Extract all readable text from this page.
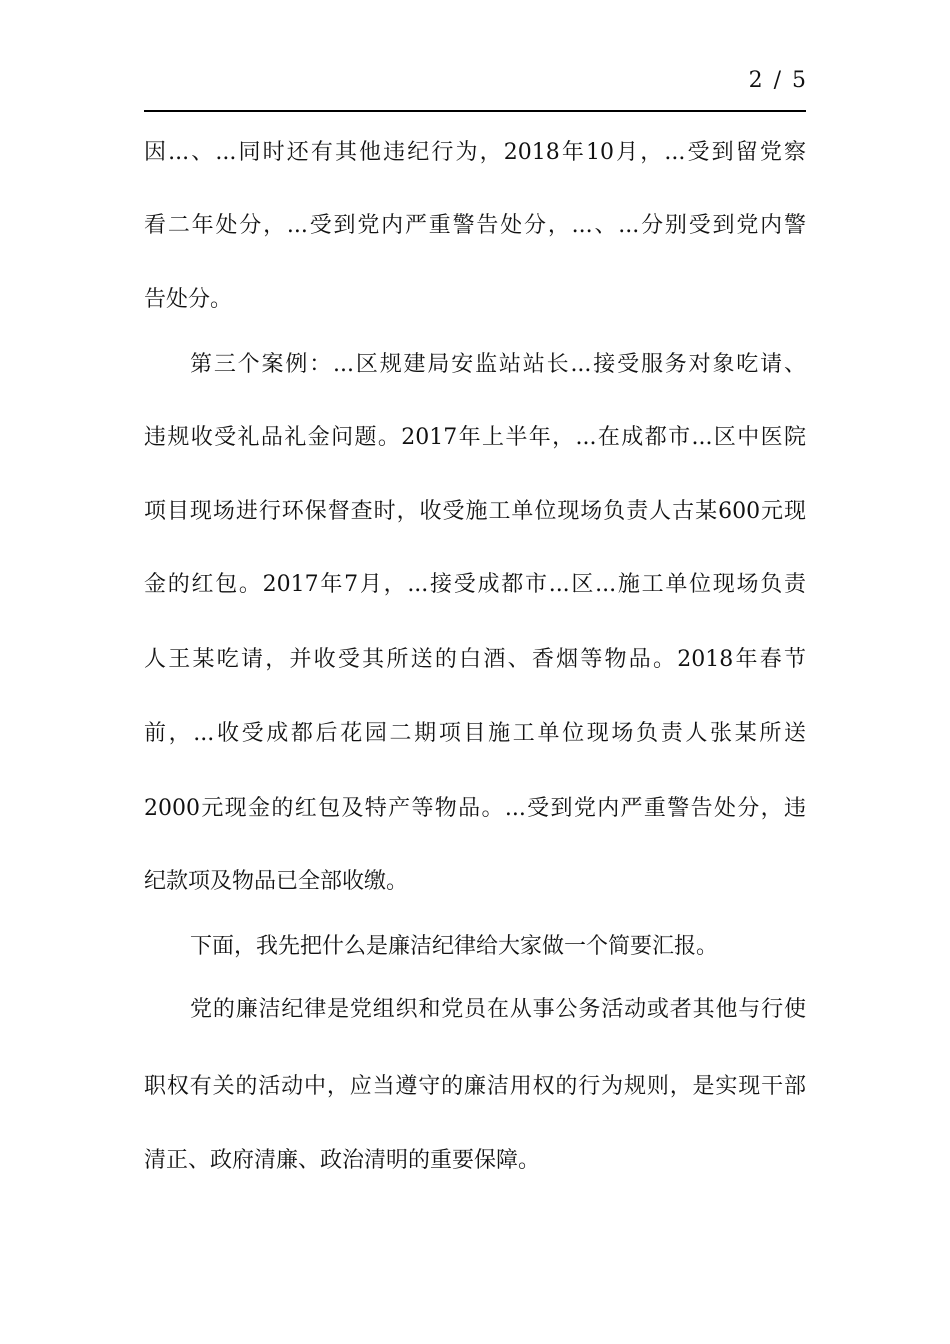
2 / 5
因...、...同时还有其他违纪行为，2018年10月，...受到留党察
看二年处分，...受到党内严重警告处分，...、...分别受到党内警
告处分。
第三个案例：...区规建局安监站站长...接受服务对象吃请、
违规收受礼品礼金问题。2017年上半年，...在成都市...区中医院
项目现场进行环保督查时，收受施工单位现场负责人古某600元现
金的红包。2017年7月，...接受成都市...区...施工单位现场负责
人王某吃请，并收受其所送的白酒、香烟等物品。2018年春节
前，...收受成都后花园二期项目施工单位现场负责人张某所送
2000元现金的红包及特产等物品。...受到党内严重警告处分，违
纪款项及物品已全部收缴。
下面，我先把什么是廉洁纪律给大家做一个简要汇报。
党的廉洁纪律是党组织和党员在从事公务活动或者其他与行使
职权有关的活动中，应当遵守的廉洁用权的行为规则，是实现干部
清正、政府清廉、政治清明的重要保障。
